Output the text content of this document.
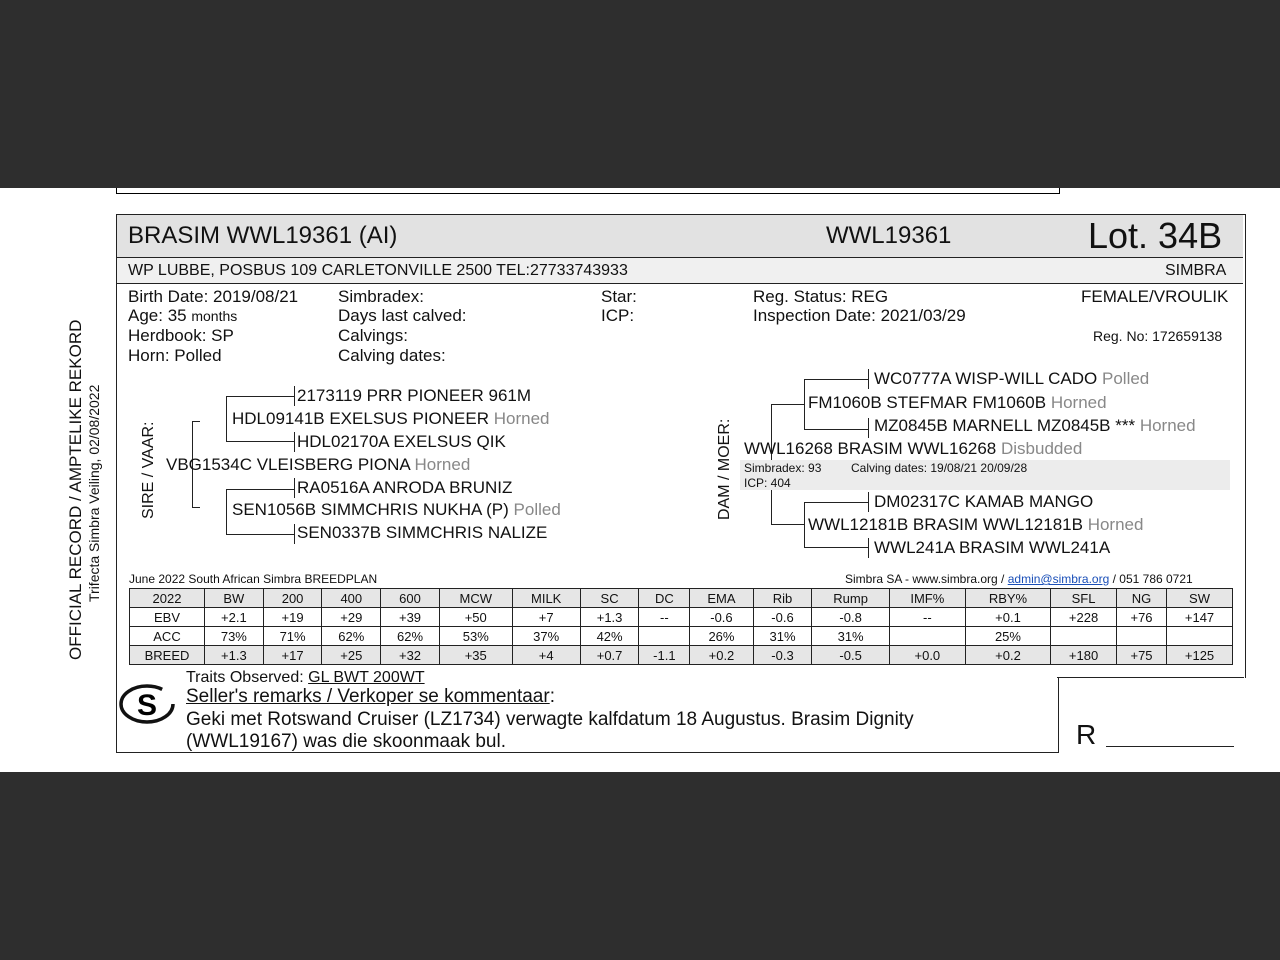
OFFICIAL RECORD / AMPTELIKE REKORD Trifecta Simbra Veiling, 02/08/2022
BRASIM WWL19361 (AI)	WWL19361	Lot. 34B
WP LUBBE, POSBUS 109 CARLETONVILLE 2500 TEL:27733743933	SIMBRA
Birth Date: 2019/08/21
Age: 35 months
Herdbook: SP
Horn: Polled
Simbradex:
Days last calved:
Calvings:
Calving dates:
Star:
ICP:
Reg. Status: REG
Inspection Date: 2021/03/29
FEMALE/VROULIK
Reg. No: 172659138
SIRE / VAAR:
2173119 PRR PIONEER 961M
HDL09141B EXELSUS PIONEER Horned
HDL02170A EXELSUS QIK
VBG1534C VLEISBERG PIONA Horned
RA0516A ANRODA BRUNIZ
SEN1056B SIMMCHRIS NUKHA (P) Polled
SEN0337B SIMMCHRIS NALIZE
DAM / MOER:
WC0777A WISP-WILL CADO Polled
FM1060B STEFMAR FM1060B Horned
MZ0845B MARNELL MZ0845B *** Horned
WWL16268 BRASIM WWL16268 Disbudded
Simbradex: 93 Calving dates: 19/08/21 20/09/28
ICP: 404
DM02317C KAMAB MANGO
WWL12181B BRASIM WWL12181B Horned
WWL241A BRASIM WWL241A
June 2022 South African Simbra BREEDPLAN	Simbra SA - www.simbra.org / admin@simbra.org / 051 786 0721
2022	BW	200	400	600	MCW	MILK	SC	DC	EMA	Rib	Rump	IMF%	RBY%	SFL	NG	SW
EBV	+2.1	+19	+29	+39	+50	+7	+1.3	--	-0.6	-0.6	-0.8	--	+0.1	+228	+76	+147
ACC	73%	71%	62%	62%	53%	37%	42%		26%	31%	31%		25%			
BREED	+1.3	+17	+25	+32	+35	+4	+0.7	-1.1	+0.2	-0.3	-0.5	+0.0	+0.2	+180	+75	+125
S
Traits Observed: GL BWT 200WT
Seller's remarks / Verkoper se kommentaar:
Geki met Rotswand Cruiser (LZ1734) verwagte kalfdatum 18 Augustus. Brasim Dignity
(WWL19167) was die skoonmaak bul.	R
